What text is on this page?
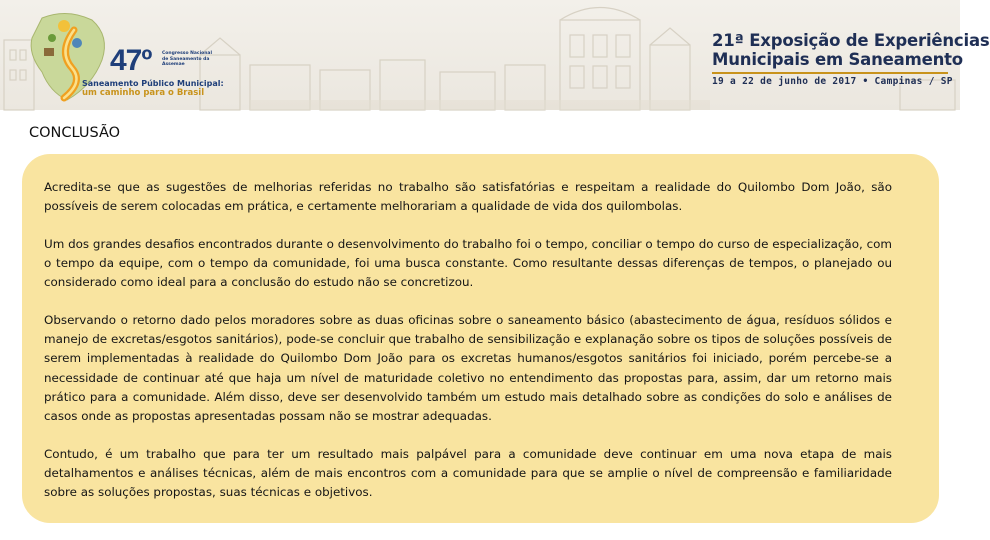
47º Congresso Nacional de Saneamento da Assemae
Saneamento Público Municipal:
um caminho para o Brasil
21ª Exposição de Experiências
Municipais em Saneamento
19 a 22 de junho de 2017 • Campinas / SP
CONCLUSÃO

Acredita-se que as sugestões de melhorias referidas no trabalho são satisfatórias e respeitam a realidade do Quilombo Dom João, são possíveis de serem colocadas em prática, e certamente melhorariam a qualidade de vida dos quilombolas.

Um dos grandes desafios encontrados durante o desenvolvimento do trabalho foi o tempo, conciliar o tempo do curso de especialização, com o tempo da equipe, com o tempo da comunidade, foi uma busca constante. Como resultante dessas diferenças de tempos, o planejado ou considerado como ideal para a conclusão do estudo não se concretizou.

Observando o retorno dado pelos moradores sobre as duas oficinas sobre o saneamento básico (abastecimento de água, resíduos sólidos e manejo de excretas/esgotos sanitários), pode-se concluir que trabalho de sensibilização e explanação sobre os tipos de soluções possíveis de serem implementadas à realidade do Quilombo Dom João para os excretas humanos/esgotos sanitários foi iniciado, porém percebe-se a necessidade de continuar até que haja um nível de maturidade coletivo no entendimento das propostas para, assim, dar um retorno mais prático para a comunidade. Além disso, deve ser desenvolvido também um estudo mais detalhado sobre as condições do solo e análises de casos onde as propostas apresentadas possam não se mostrar adequadas.

Contudo, é um trabalho que para ter um resultado mais palpável para a comunidade deve continuar em uma nova etapa de mais detalhamentos e análises técnicas, além de mais encontros com a comunidade para que se amplie o nível de compreensão e familiaridade sobre as soluções propostas, suas técnicas e objetivos.
